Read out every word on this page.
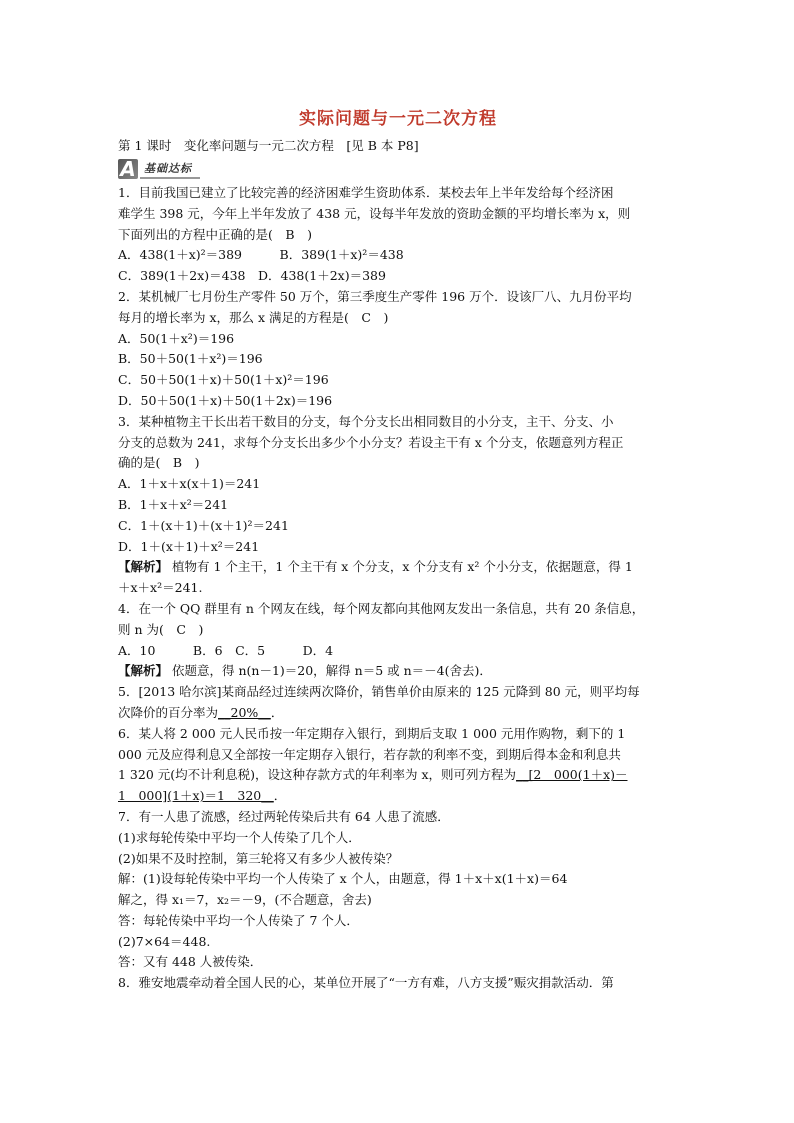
实际问题与一元二次方程
第 1 课时　变化率问题与一元二次方程　[见 B 本 P8]
A 基础达标
1．目前我国已建立了比较完善的经济困难学生资助体系．某校去年上半年发给每个经济困
难学生 398 元，今年上半年发放了 438 元，设每半年发放的资助金额的平均增长率为 x，则
下面列出的方程中正确的是(　B　)
A．438(1＋x)²＝389　　　B．389(1＋x)²＝438
C．389(1＋2x)＝438　D．438(1＋2x)＝389
2．某机械厂七月份生产零件 50 万个，第三季度生产零件 196 万个．设该厂八、九月份平均
每月的增长率为 x，那么 x 满足的方程是(　C　)
A．50(1＋x²)＝196
B．50＋50(1＋x²)＝196
C．50＋50(1＋x)＋50(1＋x)²＝196
D．50＋50(1＋x)＋50(1＋2x)＝196
3．某种植物主干长出若干数目的分支，每个分支长出相同数目的小分支，主干、分支、小
分支的总数为 241，求每个分支长出多少个小分支？若设主干有 x 个分支，依题意列方程正
确的是(　B　)
A．1＋x＋x(x＋1)＝241
B．1＋x＋x²＝241
C．1＋(x＋1)＋(x＋1)²＝241
D．1＋(x＋1)＋x²＝241
【解析】 植物有 1 个主干，1 个主干有 x 个分支，x 个分支有 x² 个小分支，依据题意，得 1
＋x＋x²＝241.
4．在一个 QQ 群里有 n 个网友在线，每个网友都向其他网友发出一条信息，共有 20 条信息，
则 n 为(　C　)
A．10　　　B．6　C．5　　　D．4
【解析】 依题意，得 n(n－1)＝20，解得 n＝5 或 n＝－4(舍去)．
5．[2013 哈尔滨]某商品经过连续两次降价，销售单价由原来的 125 元降到 80 元，则平均每
次降价的百分率为__20%__．
6．某人将 2 000 元人民币按一年定期存入银行，到期后支取 1 000 元用作购物，剩下的 1
000 元及应得利息又全部按一年定期存入银行，若存款的利率不变，到期后得本金和利息共
1 320 元(均不计利息税)，设这种存款方式的年利率为 x，则可列方程为__[2　000(1＋x)－
1　000](1＋x)＝1　320__．
7．有一人患了流感，经过两轮传染后共有 64 人患了流感．
(1)求每轮传染中平均一个人传染了几个人．
(2)如果不及时控制，第三轮将又有多少人被传染？
解：(1)设每轮传染中平均一个人传染了 x 个人，由题意，得 1＋x＋x(1＋x)＝64
解之，得 x₁＝7，x₂＝－9，(不合题意，舍去)
答：每轮传染中平均一个人传染了 7 个人．
(2)7×64＝448.
答：又有 448 人被传染．
8．雅安地震牵动着全国人民的心，某单位开展了“一方有难，八方支援”赈灾捐款活动．第
